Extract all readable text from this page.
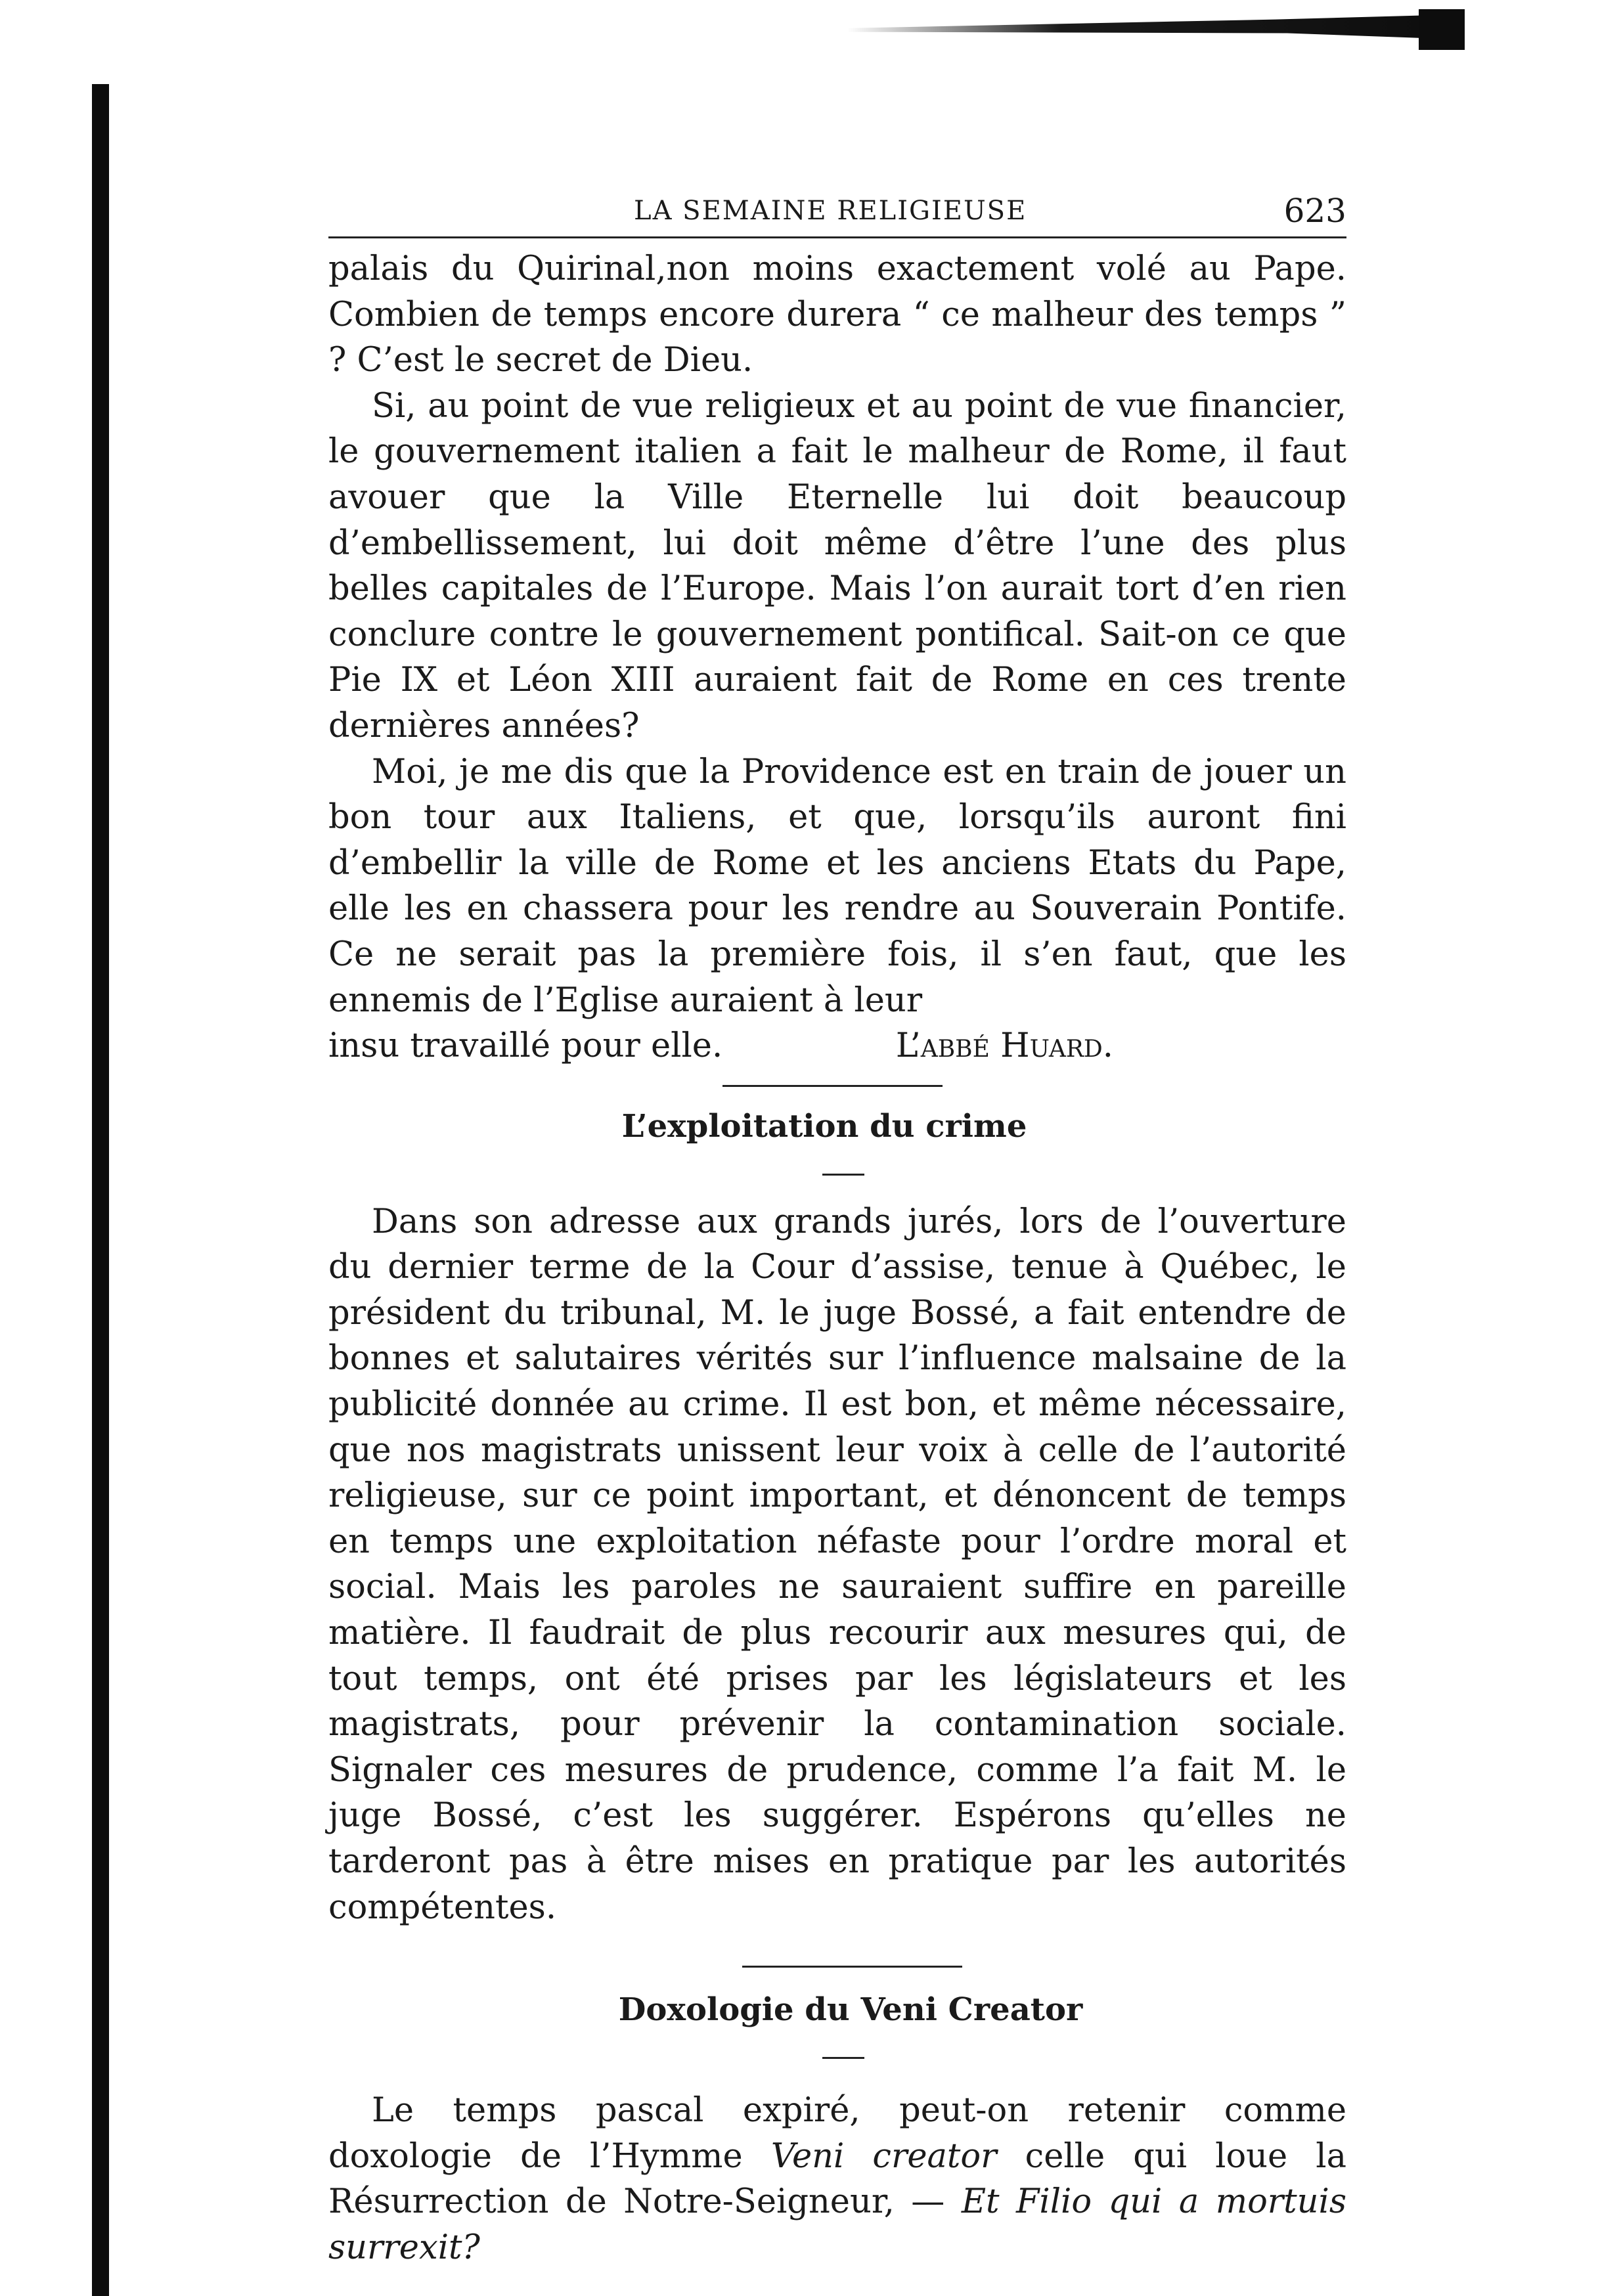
LA SEMAINE RELIGIEUSE	623

palais du Quirinal,non moins exactement volé au Pape. Combien de temps encore durera “ ce malheur des temps ” ? C’est le secret de Dieu.

Si, au point de vue religieux et au point de vue financier, le gouvernement italien a fait le malheur de Rome, il faut avouer que la Ville Eternelle lui doit beaucoup d’embellissement, lui doit même d’être l’une des plus belles capitales de l’Europe. Mais l’on aurait tort d’en rien conclure contre le gouvernement pontifical. Sait-on ce que Pie IX et Léon XIII auraient fait de Rome en ces trente dernières années?

Moi, je me dis que la Providence est en train de jouer un bon tour aux Italiens, et que, lorsqu’ils auront fini d’embellir la ville de Rome et les anciens Etats du Pape, elle les en chassera pour les rendre au Souverain Pontife. Ce ne serait pas la première fois, il s’en faut, que les ennemis de l’Eglise auraient à leur

insu travaillé pour elle.	L’abbé Huard.
L’exploitation du crime

Dans son adresse aux grands jurés, lors de l’ouverture du dernier terme de la Cour d’assise, tenue à Québec, le président du tribunal, M. le juge Bossé, a fait entendre de bonnes et salutaires vérités sur l’influence malsaine de la publicité donnée au crime. Il est bon, et même nécessaire, que nos magistrats unissent leur voix à celle de l’autorité religieuse, sur ce point important, et dénoncent de temps en temps une exploitation néfaste pour l’ordre moral et social. Mais les paroles ne sauraient suffire en pareille matière. Il faudrait de plus recourir aux mesures qui, de tout temps, ont été prises par les législateurs et les magistrats, pour prévenir la contamination sociale. Signaler ces mesures de prudence, comme l’a fait M. le juge Bossé, c’est les suggérer. Espérons qu’elles ne tarderont pas à être mises en pratique par les autorités compétentes.

Doxologie du Veni Creator

Le temps pascal expiré, peut-on retenir comme doxologie de l’Hymme Veni creator celle qui loue la Résurrection de Notre-Seigneur, — Et Filio qui a mortuis surrexit?
